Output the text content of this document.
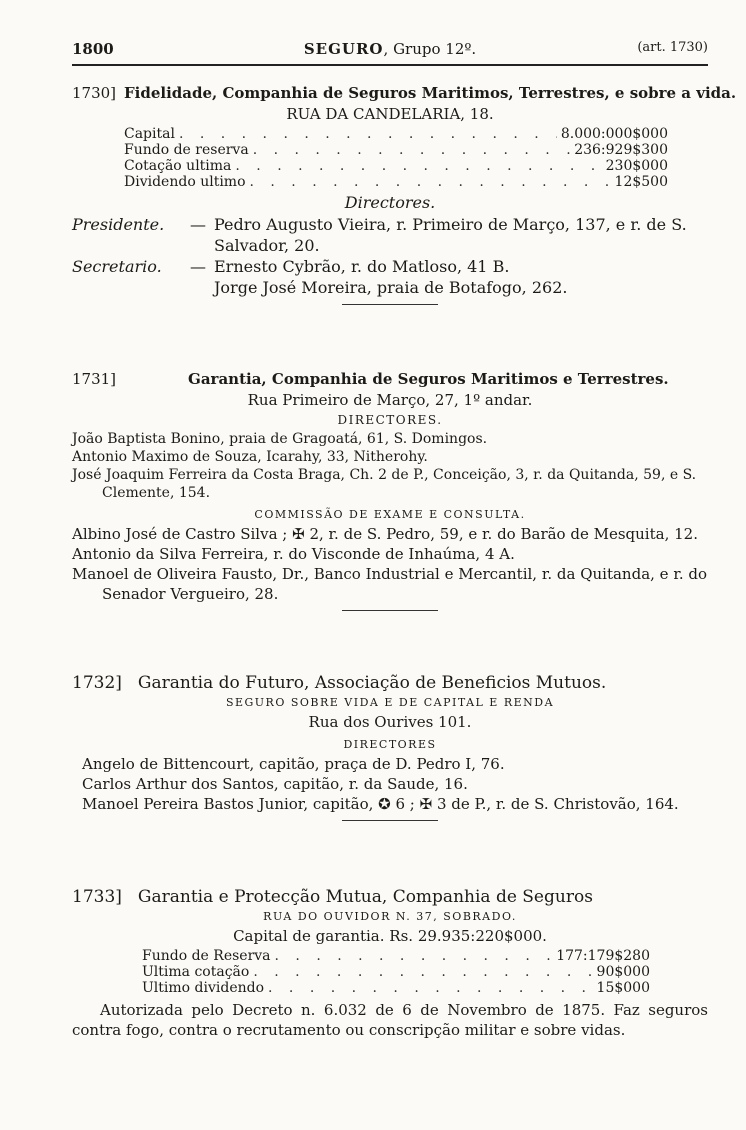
1800	SEGURO, Grupo 12º.	(art. 1730)
1730] Fidelidade, Companhia de Seguros Maritimos, Terrestres, e sobre a vida.
RUA DA CANDELARIA, 18.
Capital . . .	8.000:000$000
Fundo de reserva . . .	236:929$300
Cotação ultima . . .	230$000
Dividendo ultimo . . .	12$500
Directores.
Presidente.	— Pedro Augusto Vieira, r. Primeiro de Março, 137, e r. de S. Salvador, 20.
Secretario.	— Ernesto Cybrão, r. do Matloso, 41 B.
Jorge José Moreira, praia de Botafogo, 262.
1731]	Garantia, Companhia de Seguros Maritimos e Terrestres.
Rua Primeiro de Março, 27, 1º andar.
DIRECTORES.
João Baptista Bonino, praia de Gragoatá, 61, S. Domingos.
Antonio Maximo de Souza, Icarahy, 33, Nitherohy.
José Joaquim Ferreira da Costa Braga, Ch. 2 de P., Conceição, 3, r. da Quitanda, 59, e S. Clemente, 154.
COMMISSÃO DE EXAME E CONSULTA.
Albino José de Castro Silva ; ✠ 2, r. de S. Pedro, 59, e r. do Barão de Mesquita, 12.
Antonio da Silva Ferreira, r. do Visconde de Inhaúma, 4 A.
Manoel de Oliveira Fausto, Dr., Banco Industrial e Mercantil, r. da Quitanda, e r. do Senador Vergueiro, 28.
1732] Garantia do Futuro, Associação de Beneficios Mutuos.
SEGURO SOBRE VIDA E DE CAPITAL E RENDA
Rua dos Ourives 101.
DIRECTORES
Angelo de Bittencourt, capitão, praça de D. Pedro I, 76.
Carlos Arthur dos Santos, capitão, r. da Saude, 16.
Manoel Pereira Bastos Junior, capitão, ✪ 6 ; ✠ 3 de P., r. de S. Christovão, 164.
1733] Garantia e Protecção Mutua, Companhia de Seguros
RUA DO OUVIDOR N. 37, SOBRADO.
Capital de garantia. Rs. 29.935:220$000.
Fundo de Reserva . . .	177:179$280
Ultima cotação . . .	90$000
Ultimo dividendo . . .	15$000
Autorizada pelo Decreto n. 6.032 de 6 de Novembro de 1875. Faz seguros contra fogo, contra o recrutamento ou conscripção militar e sobre vidas.
